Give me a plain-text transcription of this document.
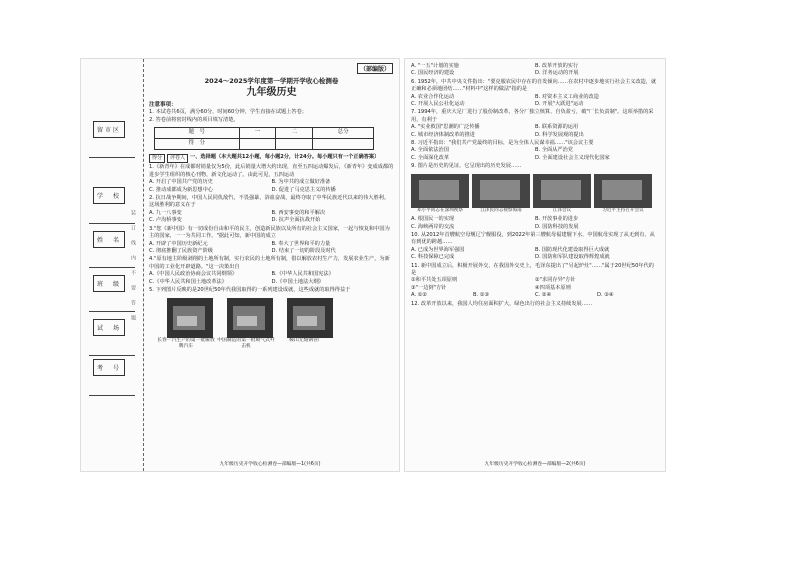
留市区
学　校
姓　名
班　级
试　场
考　号
装　　订　　线　　内　　不　　要　　答　　题
（部编版）
2024～2025学年度第一学期开学收心检测卷
九年级历史
注意事项：
1. 本试卷共6页，满分60分，时间60分钟，学生直接在试题上答卷；
2. 答卷前将密封线内的项目填写清楚。
题　号	一	二	总分
得　分			
得分	评卷人 一、选择题（本大题共12小题，每小题2分，计24分。每小题只有一个正确答案）
1.《新青年》在成都时销量仅为5份，此后销量大增大约出现，直至五四运动爆发后，《新青年》变成成都的进步学生组织的核心刊物，新文化运动了。由此可见，五四运动
A. 开启了中国共产党的历史	B. 为中共的成立做好准备
C. 推动成都成为新思想中心	D. 促进了马克思主义的传播
2. 抗日战争期间，中国人民同仇敌忾，不畏强暴，浴血奋战，最终夺取了中华民族近代以来的伟大胜利。这场胜利的意义在于
A. 九一八事变	B. 西安事变的和平解决
C. 卢沟桥事变	D. 抗声全面抗战开始
3."您《新中国》有一切成份自由和平的民主，创造新民族以及所有的社会主义国家，一起与恢复和中国为主的国家，一一为共同工作。"据此可知，新中国的成立
A. 开辟了中国历史新纪元	B. 奉大了世界和平的力量
C. 彻底推翻了民族资产阶级	D. 结束了一切的阶段及时代
4."原有地主阶级剥削的土地所有制，实行农民的土地所有制，借以解放农村生产力，发展农业生产，为新中国的工业化开辟道路。"这一决策出自
A.《中国人民政治协商会议共同纲领》	B.《中华人民共和国宪法》
C.《中华人民共和国土地改革法》	D.《中国土地法大纲》
5. 下列图片反映的是20世纪50年代我国取得的一系列建设成就，这些成就的取得得益于
长春一汽生产的第一批解放牌汽车
中国制造的第一批喷气式歼击机
鞍山无缝钢管厂
九年级历史开学收心检测卷—部编版—1(共6页)
A. "一五"计划的实施	B. 改革开放的实行
C. 国民经济的建设	D. 洋务运动的开展
6. 1952年，中共中央文件指出："要克服农民中存在的自发倾向……在农村中逐步地实行社会主义改造，就正确和必须地团结……"材料中"这样的做法"指的是
A. 农业合作化运动	B. 对资本主义工商业的改造
C. 开展人民公社化运动	D. 开展"大跃进"运动
7. 1994年，重庆大足厂进行了股份制改革，各分厂独立核算、自负盈亏，破"厂长负责制"。这项举措的采用，有利于
A. "实业救国"思潮的广泛传播	B. 联系资源的运用
C. 城市经济体制改革的推进	D. 科学发展观的提出
8. 习近平指出："我们共产党最终的目标，是为全体人民谋幸福……"该会议主要
A. 全面依法治国	B. 全面从严治党
C. 全面深化改革	D. 全面建设社会主义现代化国家
9. 图片是历史的见证，它呈现出的历史发展……
邓小平同志在深圳视察	江泽民同志视察海南	江泽会议	习近平主持召开会议
A. 根国民一的实现	B. 开放事业的进步
C. 海峡两岸的交流	D. 国防科技的发展
10. 从2012年首艘航空母舰辽宁舰服役，到2022年第三艘航母福建舰下水，中国航母实现了从无到有、从有到优的跨越……
A. 已成为世界海军强国	B. 国防现代化建设取得巨大成就
C. 科技保障已完成	D. 国防和军队建设取得辉煌成就
11. 新中国成立后，积极开展外交，在我国外交史上，毛泽东提出了"另起炉灶"……"属于20世纪50年代的是
①和平共处五项原则	②"求同存异"方针
③"一边倒"方针	④四项基本原则
A. ①②	B. ①③	C. ②④	D. ③④
12. 改革开放以来，我国人均住房面积扩大，绿色出行的社会主义持续发展……
九年级历史开学收心检测卷—部编版—2(共6页)
